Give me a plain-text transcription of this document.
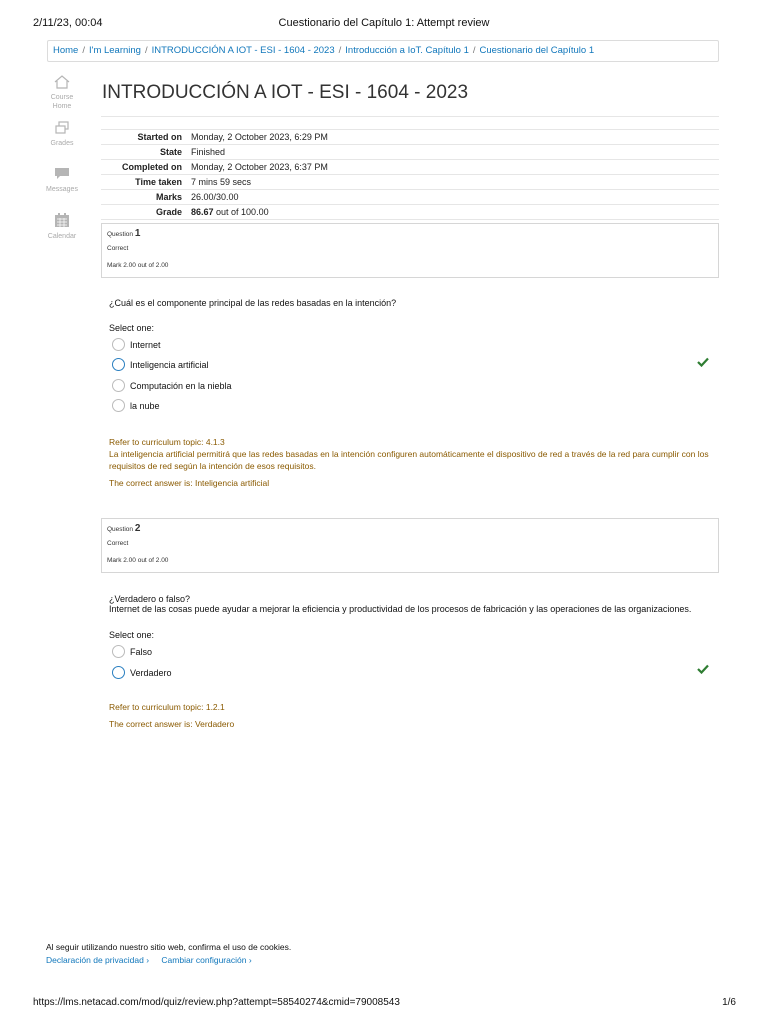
2/11/23, 00:04	Cuestionario del Capítulo 1: Attempt review
Home / I'm Learning / INTRODUCCIÓN A IOT - ESI - 1604 - 2023 / Introducción a IoT. Capítulo 1 / Cuestionario del Capítulo 1
Course
Home
Grades
Messages
Calendar
INTRODUCCIÓN A IOT - ESI - 1604 - 2023
Started on	Monday, 2 October 2023, 6:29 PM
State	Finished
Completed on	Monday, 2 October 2023, 6:37 PM
Time taken	7 mins 59 secs
Marks	26.00/30.00
Grade	86.67 out of 100.00
Question 1
Correct
Mark 2.00 out of 2.00
¿Cuál es el componente principal de las redes basadas en la intención?
Select one:
Internet
Inteligencia artificial
Computación en la niebla
la nube
Refer to curriculum topic: 4.1.3
La inteligencia artificial permitirá que las redes basadas en la intención configuren automáticamente el dispositivo de red a través de la red para cumplir con los requisitos de red según la intención de esos requisitos.
The correct answer is: Inteligencia artificial
Question 2
Correct
Mark 2.00 out of 2.00
¿Verdadero o falso?
Internet de las cosas puede ayudar a mejorar la eficiencia y productividad de los procesos de fabricación y las operaciones de las organizaciones.
Select one:
Falso
Verdadero
Refer to curriculum topic: 1.2.1
The correct answer is: Verdadero
Al seguir utilizando nuestro sitio web, confirma el uso de cookies.
Declaración de privacidad › Cambiar configuración ›
https://lms.netacad.com/mod/quiz/review.php?attempt=58540274&cmid=79008543	1/6
